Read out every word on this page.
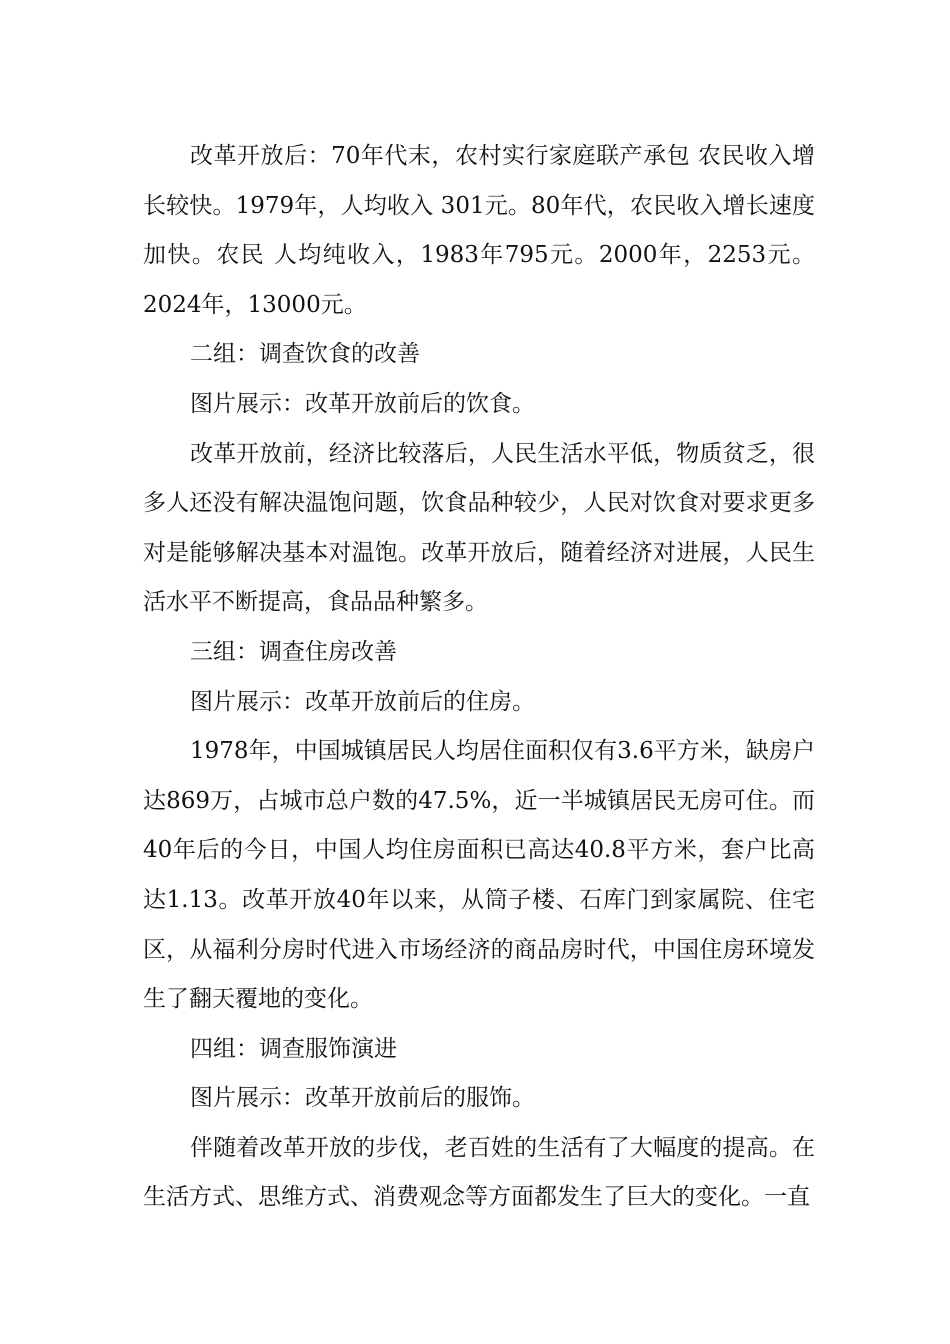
改革开放后：70年代末，农村实行家庭联产承包 农民收入增长较快。1979年，人均收入 301元。80年代，农民收入增长速度加快。农民 人均纯收入，1983年795元。2000年，2253元。2024年，13000元。

二组：调查饮食的改善

图片展示：改革开放前后的饮食。

改革开放前，经济比较落后，人民生活水平低，物质贫乏，很多人还没有解决温饱问题，饮食品种较少，人民对饮食对要求更多对是能够解决基本对温饱。改革开放后，随着经济对进展，人民生活水平不断提高，食品品种繁多。

三组：调查住房改善

图片展示：改革开放前后的住房。

1978年，中国城镇居民人均居住面积仅有3.6平方米，缺房户达869万，占城市总户数的47.5%，近一半城镇居民无房可住。而40年后的今日，中国人均住房面积已高达40.8平方米，套户比高达1.13。改革开放40年以来，从筒子楼、石库门到家属院、住宅区，从福利分房时代进入市场经济的商品房时代，中国住房环境发生了翻天覆地的变化。

四组：调查服饰演进

图片展示：改革开放前后的服饰。

伴随着改革开放的步伐，老百姓的生活有了大幅度的提高。在生活方式、思维方式、消费观念等方面都发生了巨大的变化。一直
